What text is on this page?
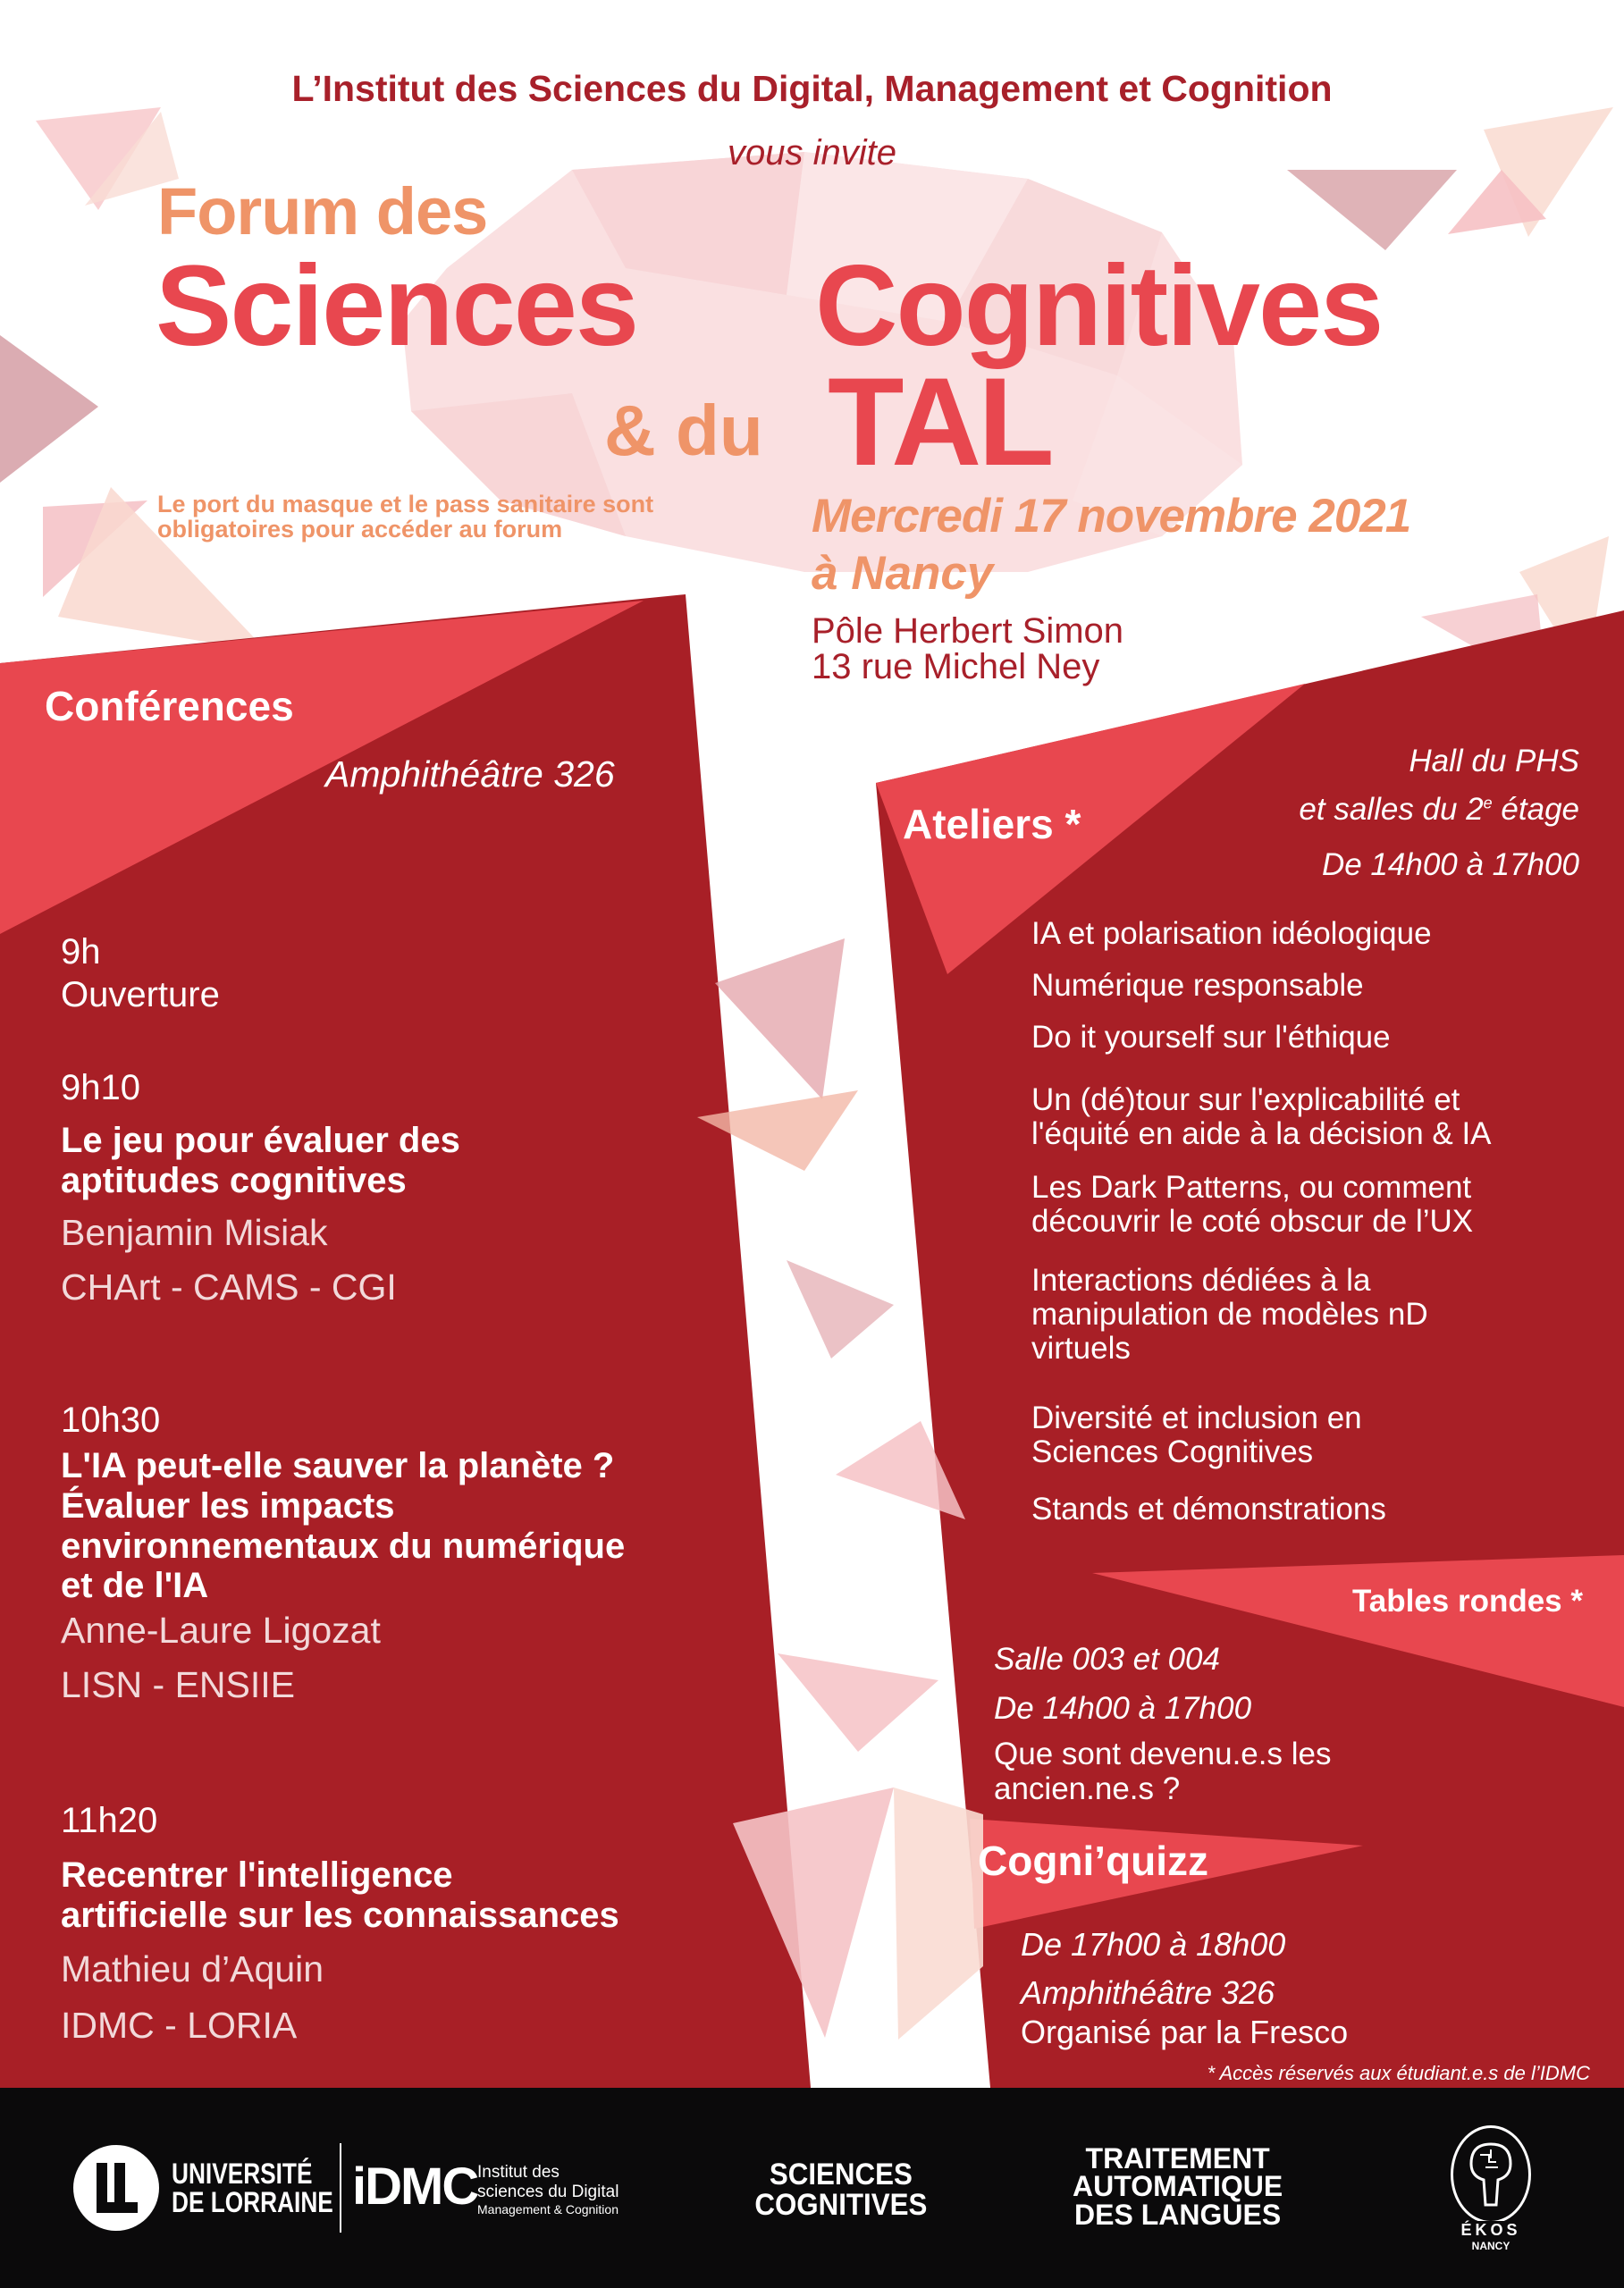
L’Institut des Sciences du Digital, Management et Cognition
vous invite
Forum des
Sciences Cognitives
& du TAL
Le port du masque et le pass sanitaire sont obligatoires pour accéder au forum	Mercredi 17 novembre 2021
à Nancy
Pôle Herbert Simon
13 rue Michel Ney
Conférences
Amphithéâtre 326
9h
Ouverture
9h10
Le jeu pour évaluer des
aptitudes cognitives
Benjamin Misiak
CHArt - CAMS - CGI
10h30
L'IA peut-elle sauver la planète ?
Évaluer les impacts
environnementaux du numérique
et de l'IA
Anne-Laure Ligozat
LISN - ENSIIE
11h20
Recentrer l'intelligence
artificielle sur les connaissances
Mathieu d’Aquin
IDMC - LORIA
Ateliers *
Hall du PHS
et salles du 2e étage
De 14h00 à 17h00
IA et polarisation idéologique
Numérique responsable
Do it yourself sur l'éthique
Un (dé)tour sur l'explicabilité et
l'équité en aide à la décision & IA
Les Dark Patterns, ou comment
découvrir le coté obscur de l’UX
Interactions dédiées à la
manipulation de modèles nD
virtuels
Diversité et inclusion en
Sciences Cognitives
Stands et démonstrations
Tables rondes *
Salle 003 et 004
De 14h00 à 17h00
Que sont devenu.e.s les
ancien.ne.s ?
Cogni’quizz
De 17h00 à 18h00
Amphithéâtre 326
Organisé par la Fresco
* Accès réservés aux étudiant.e.s de l’IDMC
UNIVERSITÉ
DE LORRAINE iDMC Institut des
sciences du Digital
Management & Cognition
SCIENCES
COGNITIVES
TRAITEMENT
AUTOMATIQUE
DES LANGUES	ÉKOS
NANCY
